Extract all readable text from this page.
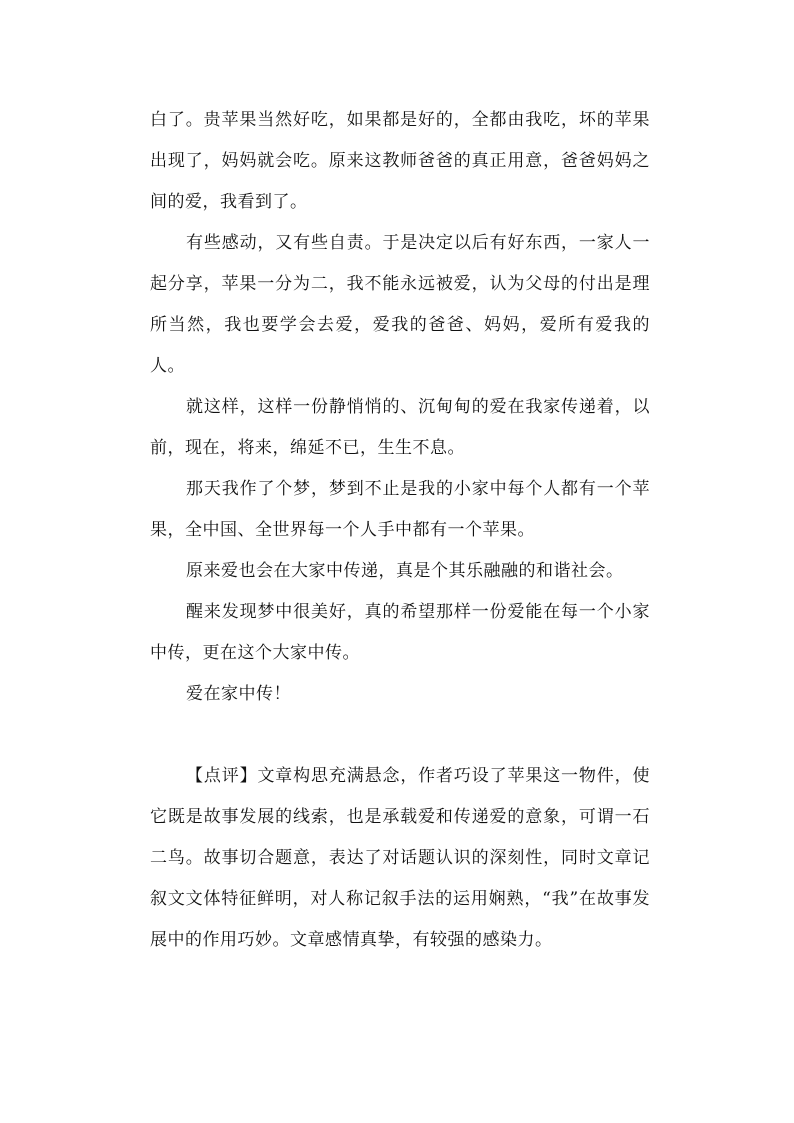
白了。贵苹果当然好吃，如果都是好的，全都由我吃，坏的苹果出现了，妈妈就会吃。原来这教师爸爸的真正用意，爸爸妈妈之间的爱，我看到了。

有些感动，又有些自责。于是决定以后有好东西，一家人一起分享，苹果一分为二，我不能永远被爱，认为父母的付出是理所当然，我也要学会去爱，爱我的爸爸、妈妈，爱所有爱我的人。

就这样，这样一份静悄悄的、沉甸甸的爱在我家传递着，以前，现在，将来，绵延不已，生生不息。

那天我作了个梦，梦到不止是我的小家中每个人都有一个苹果，全中国、全世界每一个人手中都有一个苹果。

原来爱也会在大家中传递，真是个其乐融融的和谐社会。

醒来发现梦中很美好，真的希望那样一份爱能在每一个小家中传，更在这个大家中传。

爱在家中传！

【点评】文章构思充满悬念，作者巧设了苹果这一物件，使它既是故事发展的线索，也是承载爱和传递爱的意象，可谓一石二鸟。故事切合题意，表达了对话题认识的深刻性，同时文章记叙文文体特征鲜明，对人称记叙手法的运用娴熟，“我”在故事发展中的作用巧妙。文章感情真挚，有较强的感染力。
